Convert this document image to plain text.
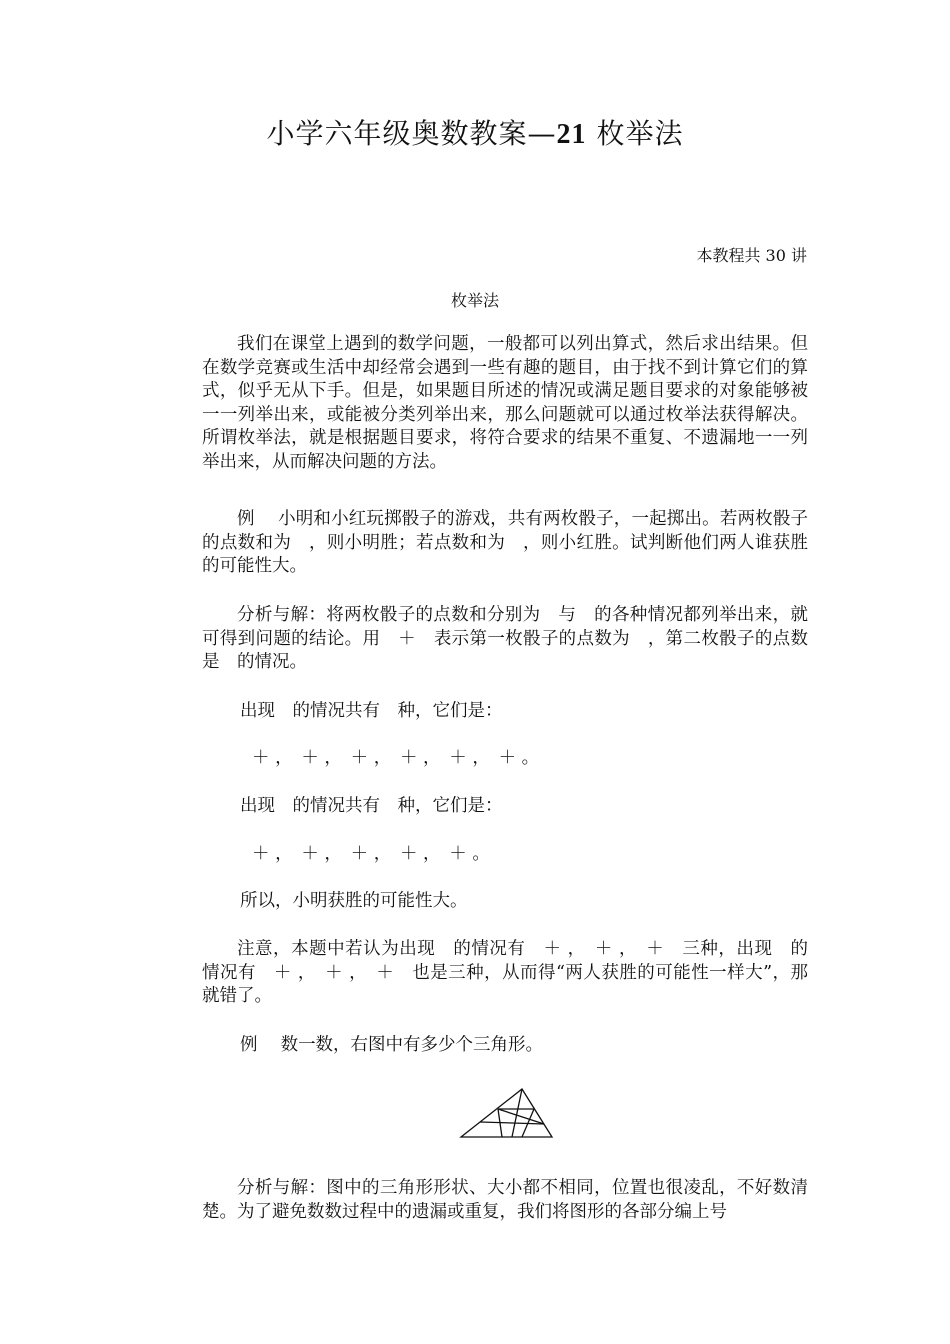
小学六年级奥数教案—21 枚举法
本教程共 30 讲
枚举法

我们在课堂上遇到的数学问题，一般都可以列出算式，然后求出结果。但在数学竞赛或生活中却经常会遇到一些有趣的题目，由于找不到计算它们的算式，似乎无从下手。但是，如果题目所述的情况或满足题目要求的对象能够被一一列举出来，或能被分类列举出来，那么问题就可以通过枚举法获得解决。所谓枚举法，就是根据题目要求，将符合要求的结果不重复、不遗漏地一一列举出来，从而解决问题的方法。

例　 小明和小红玩掷骰子的游戏，共有两枚骰子，一起掷出。若两枚骰子的点数和为　，则小明胜；若点数和为　，则小红胜。试判断他们两人谁获胜的可能性大。

分析与解：将两枚骰子的点数和分别为　与　的各种情况都列举出来，就可得到问题的结论。用　＋　表示第一枚骰子的点数为　，第二枚骰子的点数是　的情况。

出现　的情况共有　种，它们是：
＋ ，　＋ ，　＋ ，　＋ ，　＋ ，　＋ 。
出现　的情况共有　种，它们是：
＋ ，　＋ ，　＋ ，　＋ ，　＋ 。
所以，小明获胜的可能性大。

注意，本题中若认为出现　的情况有　＋ ，　＋ ，　＋　三种，出现　的情况有　＋ ，　＋ ，　＋　也是三种，从而得“两人获胜的可能性一样大”，那就错了。

例　 数一数，右图中有多少个三角形。

分析与解：图中的三角形形状、大小都不相同，位置也很凌乱，不好数清楚。为了避免数数过程中的遗漏或重复，我们将图形的各部分编上号
